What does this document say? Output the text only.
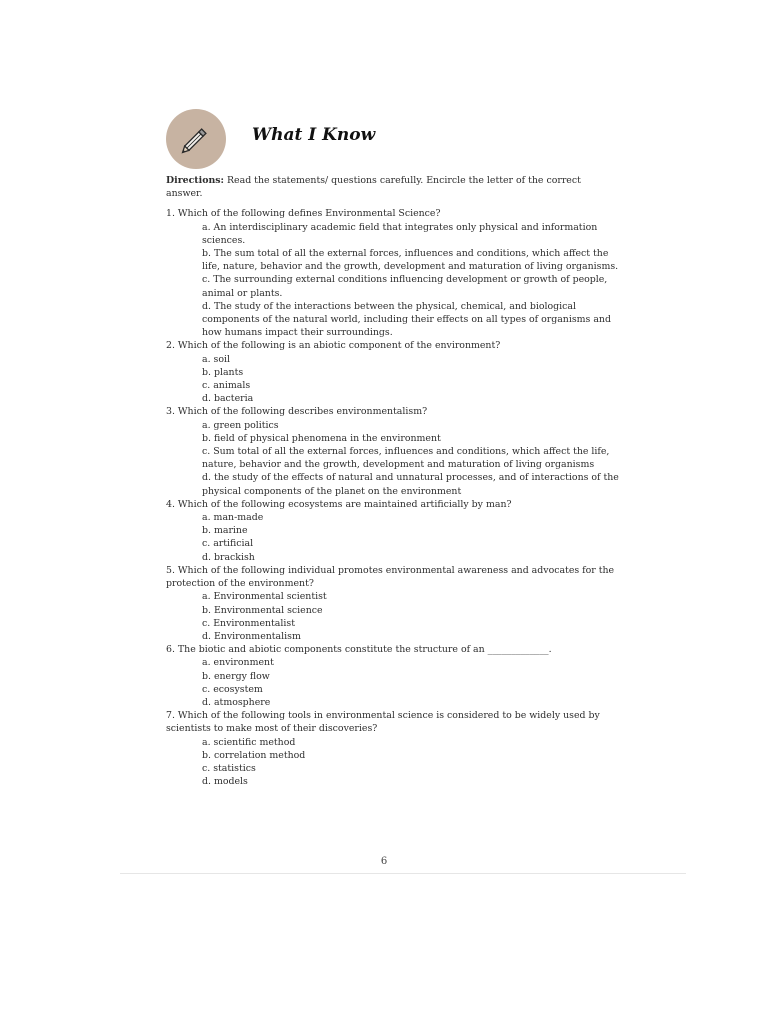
What I Know

Directions: Read the statements/ questions carefully. Encircle the letter of the correct answer.

1. Which of the following defines Environmental Science?

a. An interdisciplinary academic field that integrates only physical and information sciences.
b. The sum total of all the external forces, influences and conditions, which affect the life, nature, behavior and the growth, development and maturation of living organisms.
c. The surrounding external conditions influencing development or growth of people, animal or plants.
d. The study of the interactions between the physical, chemical, and biological components of the natural world, including their effects on all types of organisms and how humans impact their surroundings.

2. Which of the following is an abiotic component of the environment?

a. soil
b. plants
c. animals
d. bacteria

3. Which of the following describes environmentalism?

a. green politics
b. field of physical phenomena in the environment
c. Sum total of all the external forces, influences and conditions, which affect the life, nature, behavior and the growth, development and maturation of living organisms
d. the study of the effects of natural and unnatural processes, and of interactions of the physical components of the planet on the environment

4. Which of the following ecosystems are maintained artificially by man?

a. man-made
b. marine
c. artificial
d. brackish

5. Which of the following individual promotes environmental awareness and advocates for the protection of the environment?

a. Environmental scientist
b. Environmental science
c. Environmentalist
d. Environmentalism

6. The biotic and abiotic components constitute the structure of an _____________.

a. environment
b. energy flow
c. ecosystem
d. atmosphere

7. Which of the following tools in environmental science is considered to be widely used by scientists to make most of their discoveries?

a. scientific method
b. correlation method
c. statistics
d. models
6
